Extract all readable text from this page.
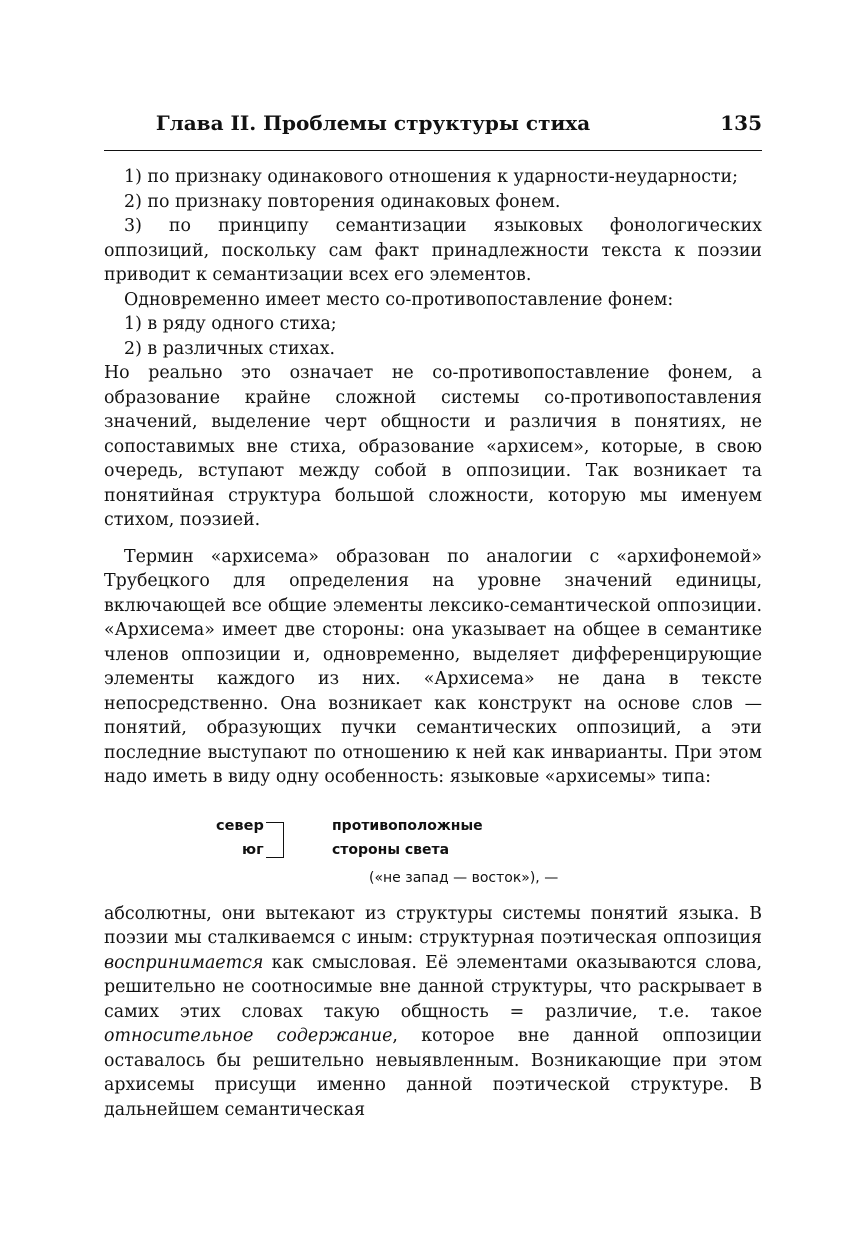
Глава II. Проблемы структуры стиха	135

1) по признаку одинакового отношения к ударности-неударности;

2) по признаку повторения одинаковых фонем.

3) по принципу семантизации языковых фонологических оппозиций, поскольку сам факт принадлежности текста к поэзии приводит к семантизации всех его элементов.

Одновременно имеет место со-противопоставление фонем:

1) в ряду одного стиха;

2) в различных стихах.

Но реально это означает не со-противопоставление фонем, а образование крайне сложной системы со-противопоставления значений, выделение черт общности и различия в понятиях, не сопоставимых вне стиха, образование «архисем», которые, в свою очередь, вступают между собой в оппозиции. Так возникает та понятийная структура большой сложности, которую мы именуем стихом, поэзией.

Термин «архисема» образован по аналогии с «архифонемой» Трубецкого для определения на уровне значений единицы, включающей все общие элементы лексико-семантической оппозиции. «Архисема» имеет две стороны: она указывает на общее в семантике членов оппозиции и, одновременно, выделяет дифференцирующие элементы каждого из них. «Архисема» не дана в тексте непосредственно. Она возникает как конструкт на основе слов — понятий, образующих пучки семантических оппозиций, а эти последние выступают по отношению к ней как инварианты. При этом надо иметь в виду одну особенность: языковые «архисемы» типа:

север
юг
противоположные
стороны света
(«не запад — восток»), —

абсолютны, они вытекают из структуры системы понятий языка. В поэзии мы сталкиваемся с иным: структурная поэтическая оппозиция воспринимается как смысловая. Её элементами оказываются слова, решительно не соотносимые вне данной структуры, что раскрывает в самих этих словах такую общность = различие, т.е. такое относительное содержание, которое вне данной оппозиции оставалось бы решительно невыявленным. Возникающие при этом архисемы присущи именно данной поэтической структуре. В дальнейшем семантическая
